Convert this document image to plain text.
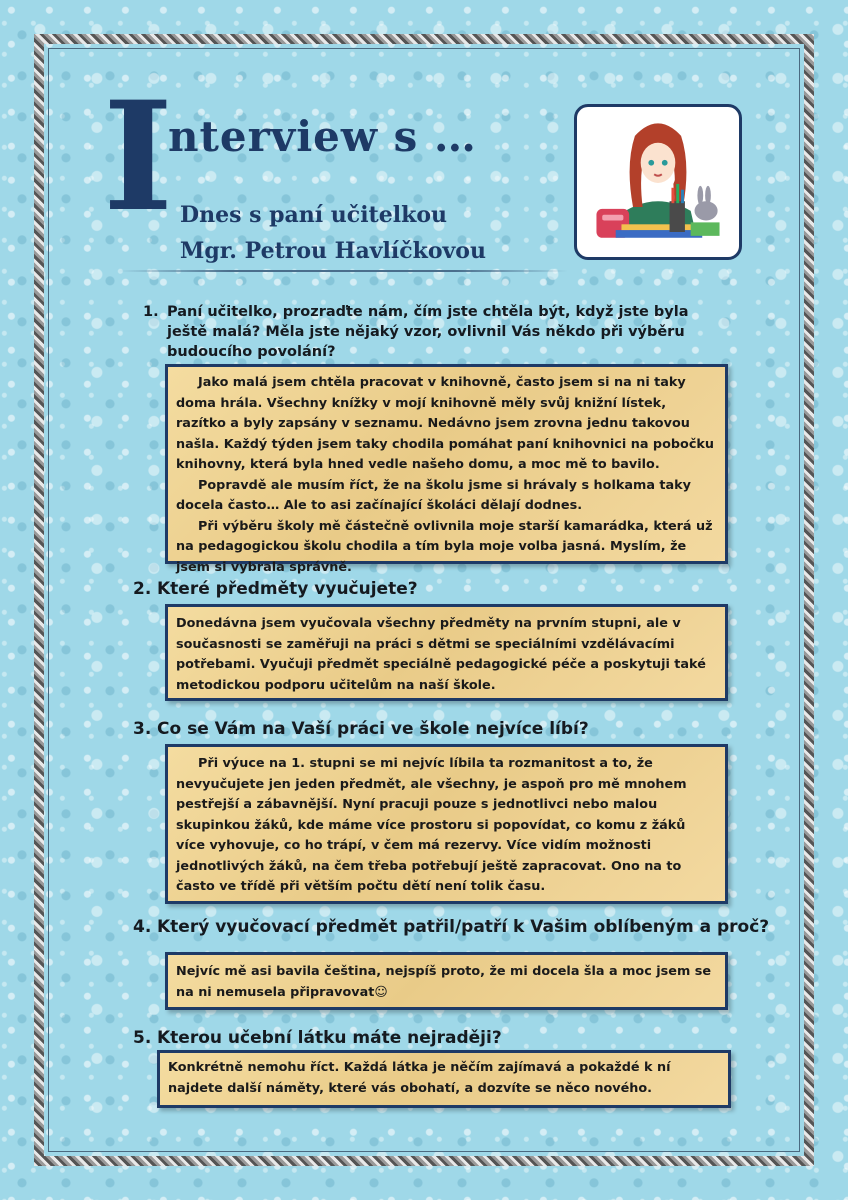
I
nterview s …
Dnes s paní učitelkou
Mgr. Petrou Havlíčkovou
1. Paní učitelko, prozraďte nám, čím jste chtěla být, když jste byla ještě malá? Měla jste nějaký vzor, ovlivnil Vás někdo při výběru budoucího povolání?

Jako malá jsem chtěla pracovat v knihovně, často jsem si na ni taky doma hrála. Všechny knížky v mojí knihovně měly svůj knižní lístek, razítko a byly zapsány v seznamu. Nedávno jsem zrovna jednu takovou našla. Každý týden jsem taky chodila pomáhat paní knihovnici na pobočku knihovny, která byla hned vedle našeho domu, a moc mě to bavilo.

Popravdě ale musím říct, že na školu jsme si hrávaly s holkama taky docela často… Ale to asi začínající školáci dělají dodnes.

Při výběru školy mě částečně ovlivnila moje starší kamarádka, která už na pedagogickou školu chodila a tím byla moje volba jasná. Myslím, že jsem si vybrala správně.

2. Které předměty vyučujete?

Donedávna jsem vyučovala všechny předměty na prvním stupni, ale v současnosti se zaměřuji na práci s dětmi se speciálními vzdělávacími potřebami. Vyučuji předmět speciálně pedagogické péče a poskytuji také metodickou podporu učitelům na naší škole.

3. Co se Vám na Vaší práci ve škole nejvíce líbí?

Při výuce na 1. stupni se mi nejvíc líbila ta rozmanitost a to, že nevyučujete jen jeden předmět, ale všechny, je aspoň pro mě mnohem pestřejší a zábavnější. Nyní pracuji pouze s jednotlivci nebo malou skupinkou žáků, kde máme více prostoru si popovídat, co komu z žáků více vyhovuje, co ho trápí, v čem má rezervy. Více vidím možnosti jednotlivých žáků, na čem třeba potřebují ještě zapracovat. Ono na to často ve třídě při větším počtu dětí není tolik času.

4. Který vyučovací předmět patřil/patří k Vašim oblíbeným a proč?

Nejvíc mě asi bavila čeština, nejspíš proto, že mi docela šla a moc jsem se na ni nemusela připravovat☺

5. Kterou učební látku máte nejraději?

Konkrétně nemohu říct. Každá látka je něčím zajímavá a pokaždé k ní najdete další náměty, které vás obohatí, a dozvíte se něco nového.
